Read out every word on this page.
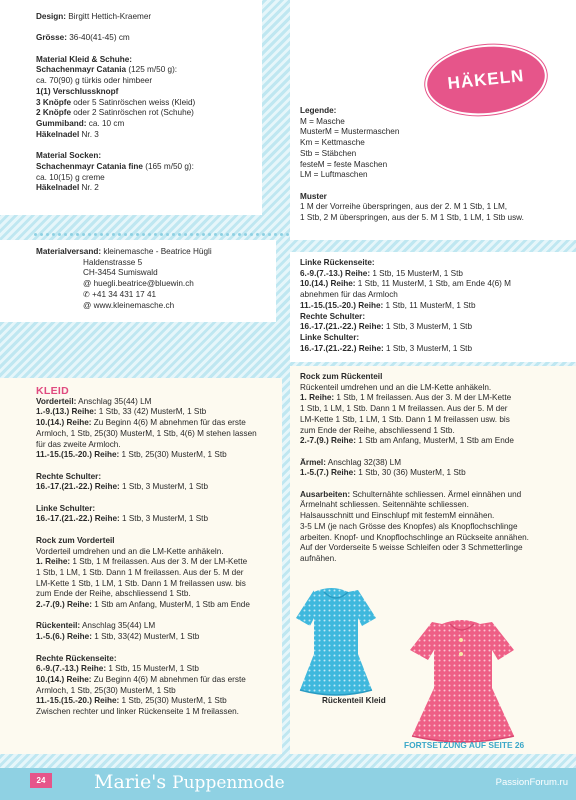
Design: Birgitt Hettich-Kraemer

Grösse: 36-40(41-45) cm

Material Kleid & Schuhe:

Schachenmayr Catania (125 m/50 g):

ca. 70(90) g türkis oder himbeer

1(1) Verschlussknopf

3 Knöpfe oder 5 Satinröschen weiss (Kleid)

2 Knöpfe oder 2 Satinröschen rot (Schuhe)

Gummiband: ca. 10 cm

Häkelnadel Nr. 3

Material Socken:

Schachenmayr Catania fine (165 m/50 g):

ca. 10(15) g creme

Häkelnadel Nr. 2

Materialversand: kleinemasche - Beatrice Hügli

Haldenstrasse 5

CH-3454 Sumiswald

@ huegli.beatrice@bluewin.ch

✆ +41 34 431 17 41

@ www.kleinemasche.ch

Legende:

M = Masche

MusterM = Mustermaschen

Km = Kettmasche

Stb = Stäbchen

festeM = feste Maschen

LM = Luftmaschen

Muster

1 M der Vorreihe überspringen, aus der 2. M 1 Stb, 1 LM,

1 Stb, 2 M überspringen, aus der 5. M 1 Stb, 1 LM, 1 Stb usw.

HÄKELN

Linke Rückenseite:

6.-9.(7.-13.) Reihe: 1 Stb, 15 MusterM, 1 Stb

10.(14.) Reihe: 1 Stb, 11 MusterM, 1 Stb, am Ende 4(6) M

abnehmen für das Armloch

11.-15.(15.-20.) Reihe: 1 Stb, 11 MusterM, 1 Stb

Rechte Schulter:

16.-17.(21.-22.) Reihe: 1 Stb, 3 MusterM, 1 Stb

Linke Schulter:

16.-17.(21.-22.) Reihe: 1 Stb, 3 MusterM, 1 Stb

KLEID

Vorderteil: Anschlag 35(44) LM

1.-9.(13.) Reihe: 1 Stb, 33 (42) MusterM, 1 Stb

10.(14.) Reihe: Zu Beginn 4(6) M abnehmen für das erste

Armloch, 1 Stb, 25(30) MusterM, 1 Stb, 4(6) M stehen lassen

für das zweite Armloch.

11.-15.(15.-20.) Reihe: 1 Stb, 25(30) MusterM, 1 Stb

Rechte Schulter:

16.-17.(21.-22.) Reihe: 1 Stb, 3 MusterM, 1 Stb

Linke Schulter:

16.-17.(21.-22.) Reihe: 1 Stb, 3 MusterM, 1 Stb

Rock zum Vorderteil

Vorderteil umdrehen und an die LM-Kette anhäkeln.

1. Reihe: 1 Stb, 1 M freilassen. Aus der 3. M der LM-Kette

1 Stb, 1 LM, 1 Stb. Dann 1 M freilassen. Aus der 5. M der

LM-Kette 1 Stb, 1 LM, 1 Stb. Dann 1 M freilassen usw. bis

zum Ende der Reihe, abschliessend 1 Stb.

2.-7.(9.) Reihe: 1 Stb am Anfang, MusterM, 1 Stb am Ende

Rückenteil: Anschlag 35(44) LM

1.-5.(6.) Reihe: 1 Stb, 33(42) MusterM, 1 Stb

Rechte Rückenseite:

6.-9.(7.-13.) Reihe: 1 Stb, 15 MusterM, 1 Stb

10.(14.) Reihe: Zu Beginn 4(6) M abnehmen für das erste

Armloch, 1 Stb, 25(30) MusterM, 1 Stb

11.-15.(15.-20.) Reihe: 1 Stb, 25(30) MusterM, 1 Stb

Zwischen rechter und linker Rückenseite 1 M freilassen.

Rock zum Rückenteil

Rückenteil umdrehen und an die LM-Kette anhäkeln.

1. Reihe: 1 Stb, 1 M freilassen. Aus der 3. M der LM-Kette

1 Stb, 1 LM, 1 Stb. Dann 1 M freilassen. Aus der 5. M der

LM-Kette 1 Stb, 1 LM, 1 Stb. Dann 1 M freilassen usw. bis

zum Ende der Reihe, abschliessend 1 Stb.

2.-7.(9.) Reihe: 1 Stb am Anfang, MusterM, 1 Stb am Ende

Ärmel: Anschlag 32(38) LM

1.-5.(7.) Reihe: 1 Stb, 30 (36) MusterM, 1 Stb

Ausarbeiten: Schulternähte schliessen. Ärmel einnähen und

Ärmelnaht schliessen. Seitennähte schliessen.

Halsausschnitt und Einschlupf mit festemM einnähen.

3-5 LM (je nach Grösse des Knopfes) als Knopflochschlinge

arbeiten. Knopf- und Knopflochschlinge an Rückseite annähen.

Auf der Vorderseite 5 weisse Schleifen oder 3 Schmetterlinge

aufnähen.

Rückenteil Kleid
FORTSETZUNG AUF SEITE 26
24	Marie's Puppenmode	PassionForum.ru
